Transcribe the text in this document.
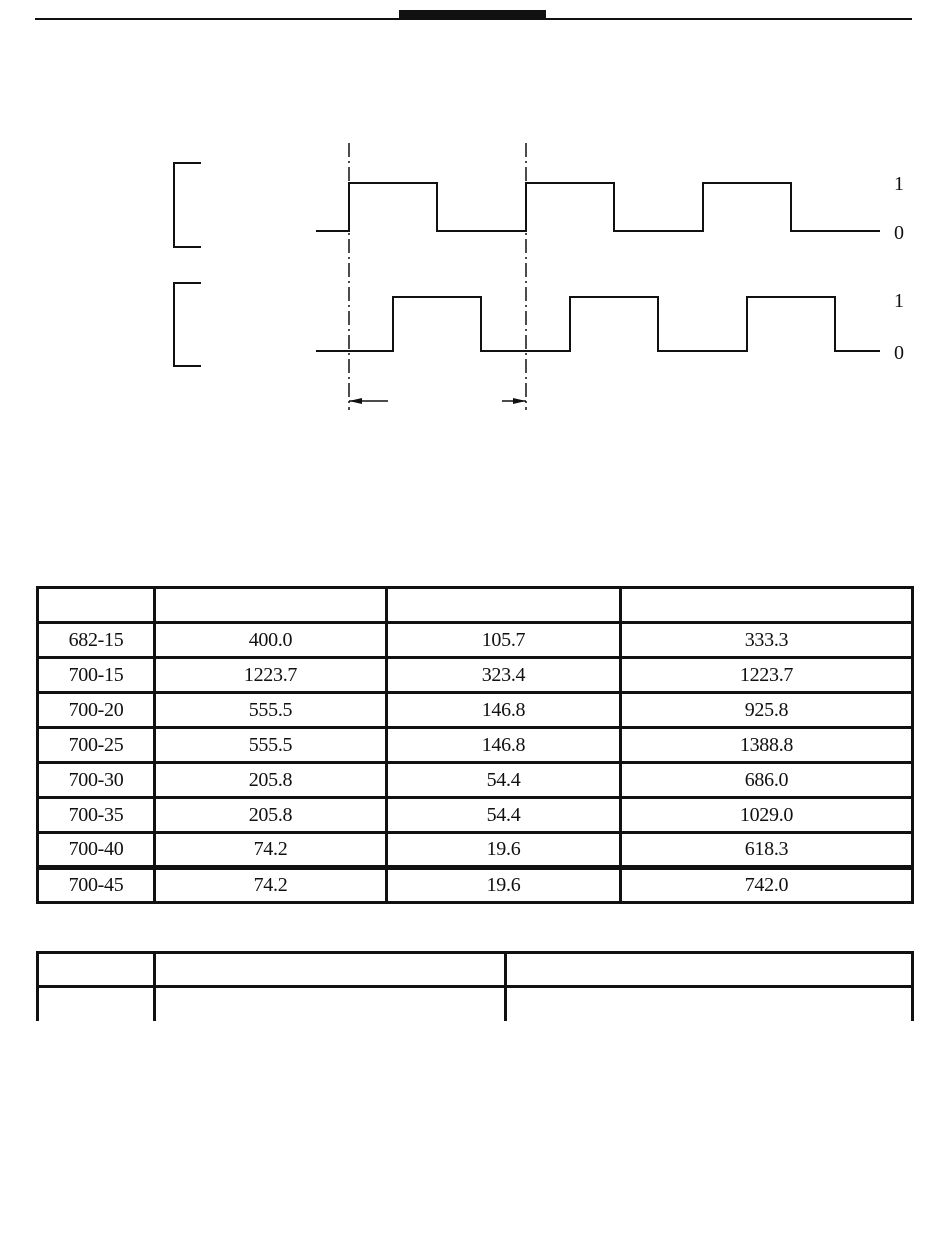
1
0
1
0

682-15	400.0	105.7	333.3
700-15	1223.7	323.4	1223.7
700-20	555.5	146.8	925.8
700-25	555.5	146.8	1388.8
700-30	205.8	54.4	686.0
700-35	205.8	54.4	1029.0
700-40	74.2	19.6	618.3
700-45	74.2	19.6	742.0
